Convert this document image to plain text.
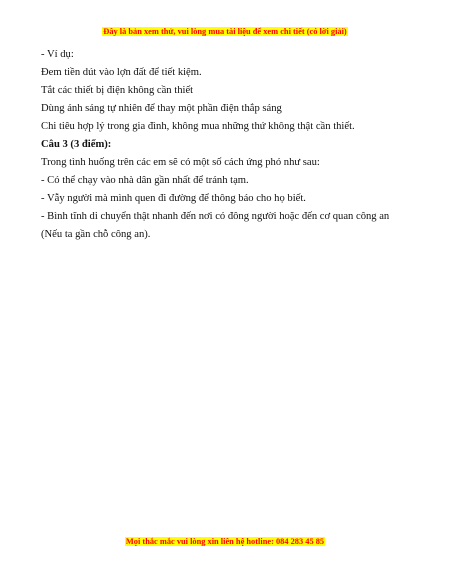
Đây là bản xem thử, vui lòng mua tài liệu để xem chi tiết (có lời giải)

- Ví dụ:

Đem tiền dút vào lợn đất để tiết kiệm.

Tắt các thiết bị điện không cần thiết

Dùng ánh sáng tự nhiên để thay một phần điện thắp sáng

Chi tiêu hợp lý trong gia đình, không mua những thứ không thật cần thiết.

Câu 3 (3 điểm):

Trong tình huống trên các em sẽ có một số cách ứng phó như sau:

- Có thể chạy vào nhà dân gần nhất để tránh tạm.

- Vẫy người mà mình quen đi đường để thông báo cho họ biết.

- Bình tĩnh di chuyển thật nhanh đến nơi có đông người hoặc đến cơ quan công an (Nếu ta gần chỗ công an).

Mọi thắc mắc vui lòng xin liên hệ hotline: 084 283 45 85
